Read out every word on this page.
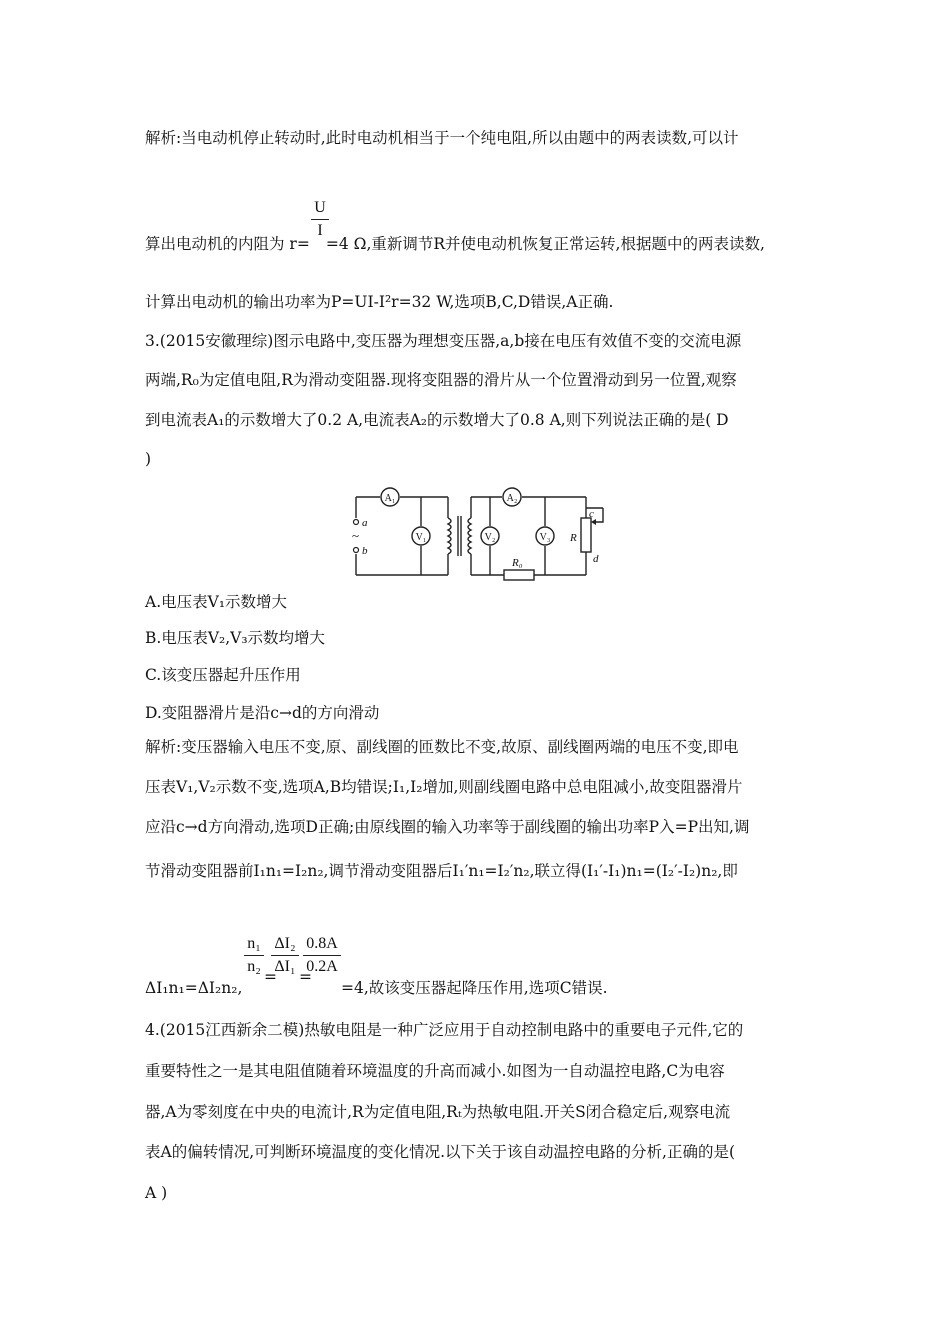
解析:当电动机停止转动时,此时电动机相当于一个纯电阻,所以由题中的两表读数,可以计
U
I
算出电动机的内阻为 r= =4 Ω,重新调节R并使电动机恢复正常运转,根据题中的两表读数,
计算出电动机的输出功率为P=UI-I²r=32 W,选项B,C,D错误,A正确.
3.(2015安徽理综)图示电路中,变压器为理想变压器,a,b接在电压有效值不变的交流电源
两端,R₀为定值电阻,R为滑动变阻器.现将变阻器的滑片从一个位置滑动到另一位置,观察
到电流表A₁的示数增大了0.2 A,电流表A₂的示数增大了0.8 A,则下列说法正确的是( D
)
A₁	A₂
V₁	V₂	V₃
a
b
~	R
c
d
R₀
A.电压表V₁示数增大
B.电压表V₂,V₃示数均增大
C.该变压器起升压作用
D.变阻器滑片是沿c→d的方向滑动
解析:变压器输入电压不变,原、副线圈的匝数比不变,故原、副线圈两端的电压不变,即电
压表V₁,V₂示数不变,选项A,B均错误;I₁,I₂增加,则副线圈电路中总电阻减小,故变阻器滑片
应沿c→d方向滑动,选项D正确;由原线圈的输入功率等于副线圈的输出功率P入=P出知,调
节滑动变阻器前I₁n₁=I₂n₂,调节滑动变阻器后I₁′n₁=I₂′n₂,联立得(I₁′-I₁)n₁=(I₂′-I₂)n₂,即
ΔI₁n₁=ΔI₂n₂,
n₁
n₂
=
ΔI₂
ΔI₁
=
0.8A
0.2A
=4,故该变压器起降压作用,选项C错误.
4.(2015江西新余二模)热敏电阻是一种广泛应用于自动控制电路中的重要电子元件,它的
重要特性之一是其电阻值随着环境温度的升高而减小.如图为一自动温控电路,C为电容
器,A为零刻度在中央的电流计,R为定值电阻,Rₜ为热敏电阻.开关S闭合稳定后,观察电流
表A的偏转情况,可判断环境温度的变化情况.以下关于该自动温控电路的分析,正确的是(
A )
